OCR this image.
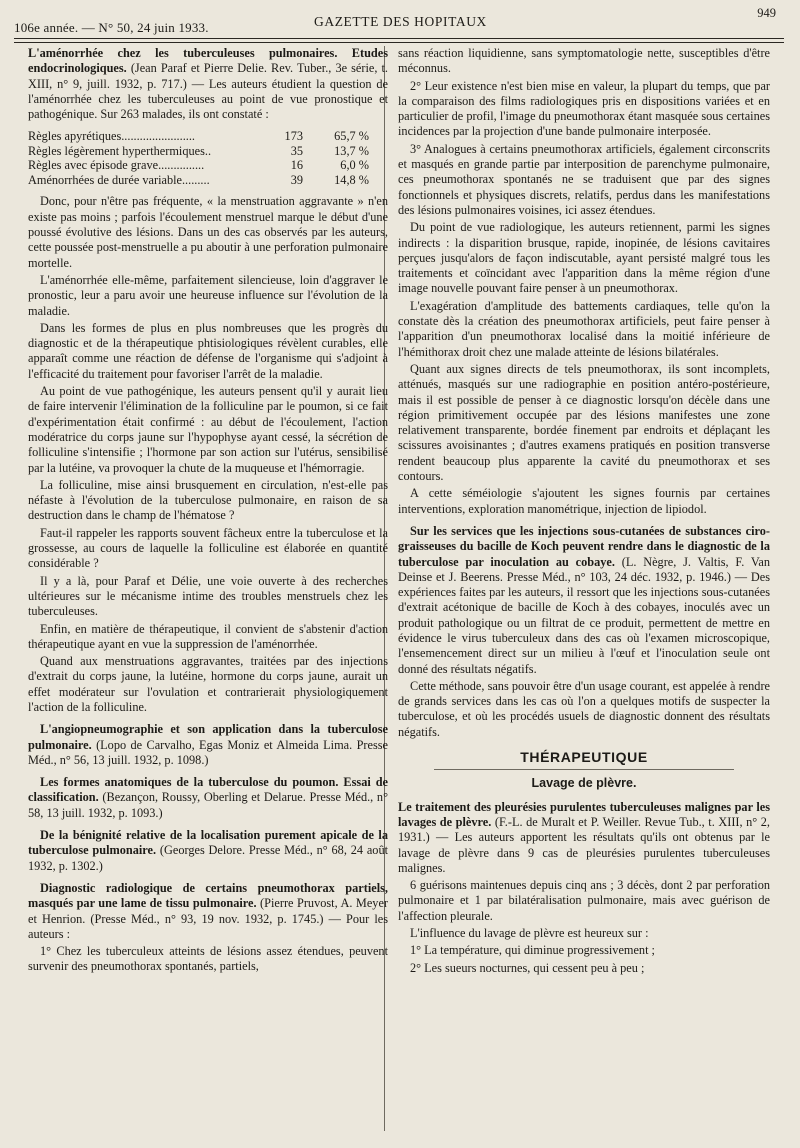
106e année. — N° 50, 24 juin 1933.	GAZETTE DES HOPITAUX
949

L'aménorrhée chez les tuberculeuses pulmonaires. Etudes endocrinologiques. (Jean Paraf et Pierre Delie. Rev. Tuber., 3e série, t. XIII, n° 9, juill. 1932, p. 717.) — Les auteurs étudient la question de l'aménorrhée chez les tuberculeuses au point de vue pronostique et pathogénique. Sur 263 malades, ils ont constaté :

Règles apyrétiques........................	173	65,7 %
Règles légèrement hyperthermiques..	35	13,7 %
Règles avec épisode grave...............	16	6,0 %
Aménorrhées de durée variable.........	39	14,8 %

Donc, pour n'être pas fréquente, « la menstruation aggravante » n'en existe pas moins ; parfois l'écoulement menstruel marque le début d'une poussé évolutive des lésions. Dans un des cas observés par les auteurs, cette poussée post-menstruelle a pu aboutir à une perforation pulmonaire mortelle.

L'aménorrhée elle-même, parfaitement silencieuse, loin d'aggraver le pronostic, leur a paru avoir une heureuse influence sur l'évolution de la maladie.

Dans les formes de plus en plus nombreuses que les progrès du diagnostic et de la thérapeutique phtisiologiques révèlent curables, elle apparaît comme une réaction de défense de l'organisme qui s'adjoint à l'efficacité du traitement pour favoriser l'arrêt de la maladie.

Au point de vue pathogénique, les auteurs pensent qu'il y aurait lieu de faire intervenir l'élimination de la folliculine par le poumon, si ce fait d'expérimentation était confirmé : au début de l'écoulement, l'action modératrice du corps jaune sur l'hypophyse ayant cessé, la sécrétion de folliculine s'intensifie ; l'hormone par son action sur l'utérus, sensibilisé par la lutéine, va provoquer la chute de la muqueuse et l'hémorragie.

La folliculine, mise ainsi brusquement en circulation, n'est-elle pas néfaste à l'évolution de la tuberculose pulmonaire, en raison de sa destruction dans le champ de l'hématose ?

Faut-il rappeler les rapports souvent fâcheux entre la tuberculose et la grossesse, au cours de laquelle la folliculine est élaborée en quantité considérable ?

Il y a là, pour Paraf et Délie, une voie ouverte à des recherches ultérieures sur le mécanisme intime des troubles menstruels chez les tuberculeuses.

Enfin, en matière de thérapeutique, il convient de s'abstenir d'action thérapeutique ayant en vue la suppression de l'aménorrhée.

Quand aux menstruations aggravantes, traitées par des injections d'extrait du corps jaune, la lutéine, hormone du corps jaune, aurait un effet modérateur sur l'ovulation et contrarierait physiologiquement l'action de la folliculine.

L'angiopneumographie et son application dans la tuberculose pulmonaire. (Lopo de Carvalho, Egas Moniz et Almeida Lima. Presse Méd., n° 56, 13 juill. 1932, p. 1098.)

Les formes anatomiques de la tuberculose du poumon. Essai de classification. (Bezançon, Roussy, Oberling et Delarue. Presse Méd., n° 58, 13 juill. 1932, p. 1093.)

De la bénignité relative de la localisation purement apicale de la tuberculose pulmonaire. (Georges Delore. Presse Méd., n° 68, 24 août 1932, p. 1302.)

Diagnostic radiologique de certains pneumothorax partiels, masqués par une lame de tissu pulmonaire. (Pierre Pruvost, A. Meyer et Henrion. (Presse Méd., n° 93, 19 nov. 1932, p. 1745.) — Pour les auteurs :

1° Chez les tuberculeux atteints de lésions assez étendues, peuvent survenir des pneumothorax spontanés, partiels,

sans réaction liquidienne, sans symptomatologie nette, susceptibles d'être méconnus.

2° Leur existence n'est bien mise en valeur, la plupart du temps, que par la comparaison des films radiologiques pris en dispositions variées et en particulier de profil, l'image du pneumothorax étant masquée sous certaines incidences par la projection d'une bande pulmonaire interposée.

3° Analogues à certains pneumothorax artificiels, également circonscrits et masqués en grande partie par interposition de parenchyme pulmonaire, ces pneumothorax spontanés ne se traduisent que par des signes fonctionnels et physiques discrets, relatifs, perdus dans les manifestations des lésions pulmonaires voisines, ici assez étendues.

Du point de vue radiologique, les auteurs retiennent, parmi les signes indirects : la disparition brusque, rapide, inopinée, de lésions cavitaires perçues jusqu'alors de façon indiscutable, ayant persisté malgré tous les traitements et coïncidant avec l'apparition dans la même région d'une image nouvelle pouvant faire penser à un pneumothorax.

L'exagération d'amplitude des battements cardiaques, telle qu'on la constate dès la création des pneumothorax artificiels, peut faire penser à l'apparition d'un pneumothorax localisé dans la moitié inférieure de l'hémithorax droit chez une malade atteinte de lésions bilatérales.

Quant aux signes directs de tels pneumothorax, ils sont incomplets, atténués, masqués sur une radiographie en position antéro-postérieure, mais il est possible de penser à ce diagnostic lorsqu'on décèle dans une région primitivement occupée par des lésions manifestes une zone relativement transparente, bordée finement par endroits et déplaçant les scissures avoisinantes ; d'autres examens pratiqués en position transverse rendent beaucoup plus apparente la cavité du pneumothorax et ses contours.

A cette séméiologie s'ajoutent les signes fournis par certaines interventions, exploration manométrique, injection de lipiodol.

Sur les services que les injections sous-cutanées de substances ciro-graisseuses du bacille de Koch peuvent rendre dans le diagnostic de la tuberculose par inoculation au cobaye. (L. Nègre, J. Valtis, F. Van Deinse et J. Beerens. Presse Méd., n° 103, 24 déc. 1932, p. 1946.) — Des expériences faites par les auteurs, il ressort que les injections sous-cutanées d'extrait acétonique de bacille de Koch à des cobayes, inoculés avec un produit pathologique ou un filtrat de ce produit, permettent de mettre en évidence le virus tuberculeux dans des cas où l'examen microscopique, l'ensemencement direct sur un milieu à l'œuf et l'inoculation seule ont donné des résultats négatifs.

Cette méthode, sans pouvoir être d'un usage courant, est appelée à rendre de grands services dans les cas où l'on a quelques motifs de suspecter la tuberculose, et où les procédés usuels de diagnostic donnent des résultats négatifs.

THÉRAPEUTIQUE
Lavage de plèvre.

Le traitement des pleurésies purulentes tuberculeuses malignes par les lavages de plèvre. (F.-L. de Muralt et P. Weiller. Revue Tub., t. XIII, n° 2, 1931.) — Les auteurs apportent les résultats qu'ils ont obtenus par le lavage de plèvre dans 9 cas de pleurésies purulentes tuberculeuses malignes.

6 guérisons maintenues depuis cinq ans ; 3 décès, dont 2 par perforation pulmonaire et 1 par bilatéralisation pulmonaire, mais avec guérison de l'affection pleurale.

L'influence du lavage de plèvre est heureux sur :

1° La température, qui diminue progressivement ;

2° Les sueurs nocturnes, qui cessent peu à peu ;
